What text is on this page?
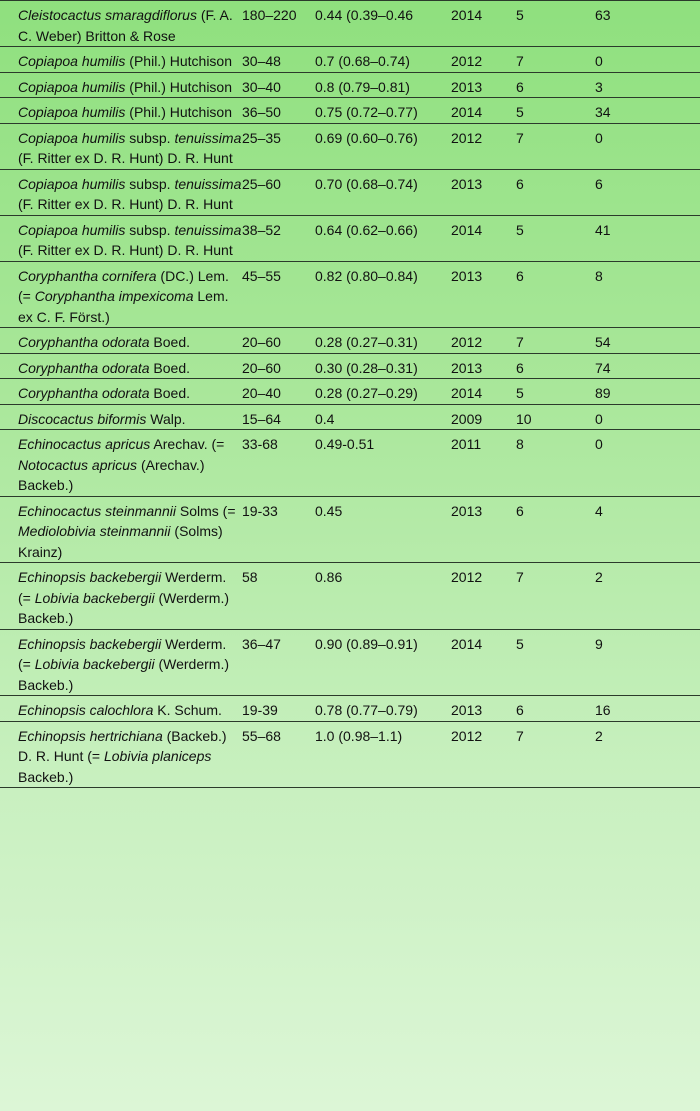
Cleistocactus smaragdiflorus (F. A. C. Weber) Britton & Rose	180–220	0.44 (0.39–0.46	2014	5	63
Copiapoa humilis (Phil.) Hutchison	30–48	0.7 (0.68–0.74)	2012	7	0
Copiapoa humilis (Phil.) Hutchison	30–40	0.8 (0.79–0.81)	2013	6	3
Copiapoa humilis (Phil.) Hutchison	36–50	0.75 (0.72–0.77)	2014	5	34
Copiapoa humilis subsp. tenuissima (F. Ritter ex D. R. Hunt) D. R. Hunt	25–35	0.69 (0.60–0.76)	2012	7	0
Copiapoa humilis subsp. tenuissima (F. Ritter ex D. R. Hunt) D. R. Hunt	25–60	0.70 (0.68–0.74)	2013	6	6
Copiapoa humilis subsp. tenuissima (F. Ritter ex D. R. Hunt) D. R. Hunt	38–52	0.64 (0.62–0.66)	2014	5	41
Coryphantha cornifera (DC.) Lem. (= Coryphantha impexicoma Lem. ex C. F. Först.)	45–55	0.82 (0.80–0.84)	2013	6	8
Coryphantha odorata Boed.	20–60	0.28 (0.27–0.31)	2012	7	54
Coryphantha odorata Boed.	20–60	0.30 (0.28–0.31)	2013	6	74
Coryphantha odorata Boed.	20–40	0.28 (0.27–0.29)	2014	5	89
Discocactus biformis Walp.	15–64	0.4	2009	10	0
Echinocactus apricus Arechav. (= Notocactus apricus (Arechav.) Backeb.)	33-68	0.49-0.51	2011	8	0
Echinocactus steinmannii Solms (= Mediolobivia steinmannii (Solms) Krainz)	19-33	0.45	2013	6	4
Echinopsis backebergii Werderm. (= Lobivia backebergii (Werderm.) Backeb.)	58	0.86	2012	7	2
Echinopsis backebergii Werderm. (= Lobivia backebergii (Werderm.) Backeb.)	36–47	0.90 (0.89–0.91)	2014	5	9
Echinopsis calochlora K. Schum.	19-39	0.78 (0.77–0.79)	2013	6	16
Echinopsis hertrichiana (Backeb.) D. R. Hunt (= Lobivia planiceps Backeb.)	55–68	1.0 (0.98–1.1)	2012	7	2
